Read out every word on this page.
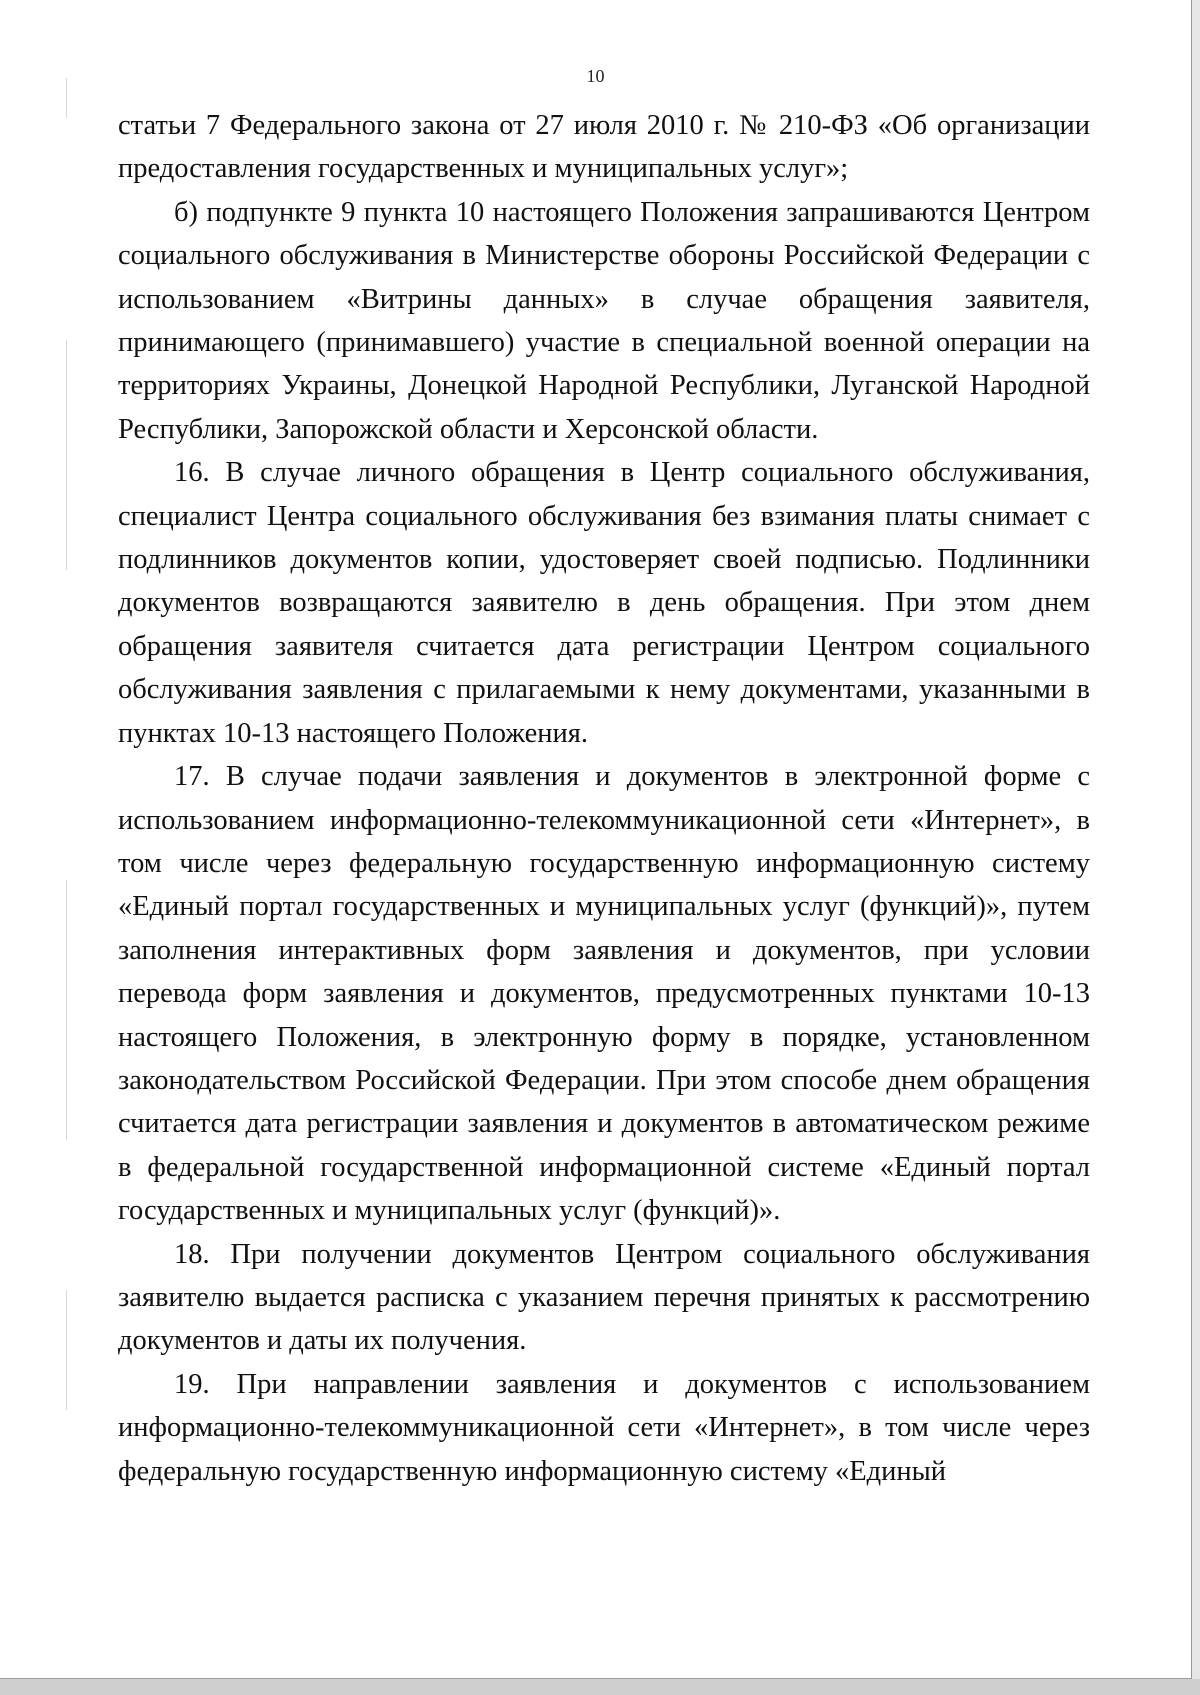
10

статьи 7 Федерального закона от 27 июля 2010 г. № 210-ФЗ «Об организации предоставления государственных и муниципальных услуг»;

б) подпункте 9 пункта 10 настоящего Положения запрашиваются Центром социального обслуживания в Министерстве обороны Российской Федерации с использованием «Витрины данных» в случае обращения заявителя, принимающего (принимавшего) участие в специальной военной операции на территориях Украины, Донецкой Народной Республики, Луганской Народной Республики, Запорожской области и Херсонской области.

16. В случае личного обращения в Центр социального обслуживания, специалист Центра социального обслуживания без взимания платы снимает с подлинников документов копии, удостоверяет своей подписью. Подлинники документов возвращаются заявителю в день обращения. При этом днем обращения заявителя считается дата регистрации Центром социального обслуживания заявления с прилагаемыми к нему документами, указанными в пунктах 10-13 настоящего Положения.

17. В случае подачи заявления и документов в электронной форме с использованием информационно-телекоммуникационной сети «Интернет», в том числе через федеральную государственную информационную систему «Единый портал государственных и муниципальных услуг (функций)», путем заполнения интерактивных форм заявления и документов, при условии перевода форм заявления и документов, предусмотренных пунктами 10-13 настоящего Положения, в электронную форму в порядке, установленном законодательством Российской Федерации. При этом способе днем обращения считается дата регистрации заявления и документов в автоматическом режиме в федеральной государственной информационной системе «Единый портал государственных и муниципальных услуг (функций)».

18. При получении документов Центром социального обслуживания заявителю выдается расписка с указанием перечня принятых к рассмотрению документов и даты их получения.

19. При направлении заявления и документов с использованием информационно-телекоммуникационной сети «Интернет», в том числе через федеральную государственную информационную систему «Единый
